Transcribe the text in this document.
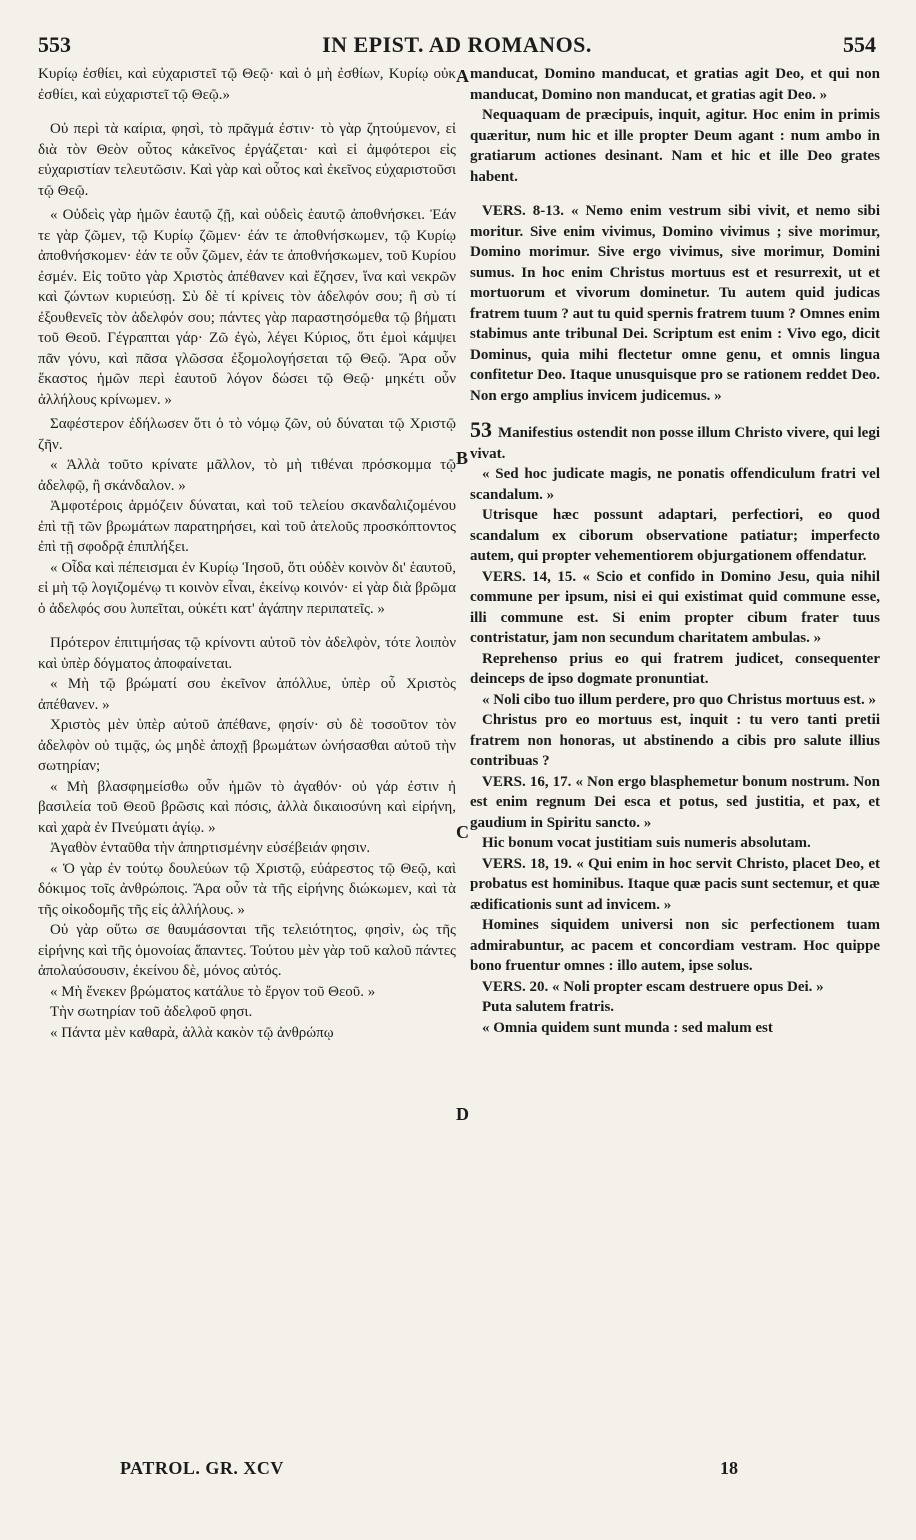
553	IN EPIST. AD ROMANOS.	554

Κυρίῳ ἐσθίει, καὶ εὐχαριστεῖ τῷ Θεῷ· καὶ ὁ μὴ ἐσθίων, Κυρίῳ οὐκ ἐσθίει, καὶ εὐχαριστεῖ τῷ Θεῷ.»

Οὐ περὶ τὰ καίρια, φησὶ, τὸ πρᾶγμά ἐστιν· τὸ γὰρ ζητούμενον, εἰ διὰ τὸν Θεὸν οὗτος κἀκεῖνος ἐργάζεται· καὶ εἰ ἀμφότεροι εἰς εὐχαριστίαν τελευτῶσιν. Καὶ γὰρ καὶ οὗτος καὶ ἐκεῖνος εὐχαριστοῦσι τῷ Θεῷ.

« Οὐδεὶς γὰρ ἡμῶν ἑαυτῷ ζῇ, καὶ οὐδεὶς ἑαυτῷ ἀποθνήσκει. Ἐάν τε γὰρ ζῶμεν, τῷ Κυρίῳ ζῶμεν· ἐάν τε ἀποθνήσκωμεν, τῷ Κυρίῳ ἀποθνήσκομεν· ἐάν τε οὖν ζῶμεν, ἐάν τε ἀποθνήσκωμεν, τοῦ Κυρίου ἐσμέν. Εἰς τοῦτο γὰρ Χριστὸς ἀπέθανεν καὶ ἔζησεν, ἵνα καὶ νεκρῶν καὶ ζώντων κυριεύσῃ. Σὺ δὲ τί κρίνεις τὸν ἀδελφόν σου; ἢ σὺ τί ἐξουθενεῖς τὸν ἀδελφόν σου; πάντες γὰρ παραστησόμεθα τῷ βήματι τοῦ Θεοῦ. Γέγραπται γάρ· Ζῶ ἐγὼ, λέγει Κύριος, ὅτι ἐμοὶ κάμψει πᾶν γόνυ, καὶ πᾶσα γλῶσσα ἐξομολογήσεται τῷ Θεῷ. Ἄρα οὖν ἕκαστος ἡμῶν περὶ ἑαυτοῦ λόγον δώσει τῷ Θεῷ· μηκέτι οὖν ἀλλήλους κρίνωμεν. »

Σαφέστερον ἐδήλωσεν ὅτι ὁ τὸ νόμῳ ζῶν, οὐ δύναται τῷ Χριστῷ ζῆν.

« Ἀλλὰ τοῦτο κρίνατε μᾶλλον, τὸ μὴ τιθέναι πρόσκομμα τῷ ἀδελφῷ, ἢ σκάνδαλον. »

Ἀμφοτέροις ἁρμόζειν δύναται, καὶ τοῦ τελείου σκανδαλιζομένου ἐπὶ τῇ τῶν βρωμάτων παρατηρήσει, καὶ τοῦ ἀτελοῦς προσκόπτοντος ἐπὶ τῇ σφοδρᾷ ἐπιπλήξει.

« Οἶδα καὶ πέπεισμαι ἐν Κυρίῳ Ἰησοῦ, ὅτι οὐδὲν κοινὸν δι' ἑαυτοῦ, εἰ μὴ τῷ λογιζομένῳ τι κοινὸν εἶναι, ἐκείνῳ κοινόν· εἰ γὰρ διὰ βρῶμα ὁ ἀδελφός σου λυπεῖται, οὐκέτι κατ' ἀγάπην περιπατεῖς. »

Πρότερον ἐπιτιμήσας τῷ κρίνοντι αὐτοῦ τὸν ἀδελφὸν, τότε λοιπὸν καὶ ὑπὲρ δόγματος ἀποφαίνεται.

« Μὴ τῷ βρώματί σου ἐκεῖνον ἀπόλλυε, ὑπὲρ οὗ Χριστὸς ἀπέθανεν. »

Χριστὸς μὲν ὑπὲρ αὐτοῦ ἀπέθανε, φησίν· σὺ δὲ τοσοῦτον τὸν ἀδελφὸν οὐ τιμᾷς, ὡς μηδὲ ἀποχῇ βρωμάτων ὠνήσασθαι αὐτοῦ τὴν σωτηρίαν;

« Μὴ βλασφημείσθω οὖν ἡμῶν τὸ ἀγαθόν· οὐ γάρ ἐστιν ἡ βασιλεία τοῦ Θεοῦ βρῶσις καὶ πόσις, ἀλλὰ δικαιοσύνη καὶ εἰρήνη, καὶ χαρὰ ἐν Πνεύματι ἁγίῳ. »

Ἀγαθὸν ἐνταῦθα τὴν ἀπηρτισμένην εὐσέβειάν φησιν.

« Ὁ γὰρ ἐν τούτῳ δουλεύων τῷ Χριστῷ, εὐάρεστος τῷ Θεῷ, καὶ δόκιμος τοῖς ἀνθρώποις. Ἄρα οὖν τὰ τῆς εἰρήνης διώκωμεν, καὶ τὰ τῆς οἰκοδομῆς τῆς εἰς ἀλλήλους. »

Οὐ γὰρ οὕτω σε θαυμάσονται τῆς τελειότητος, φησὶν, ὡς τῆς εἰρήνης καὶ τῆς ὁμονοίας ἅπαντες. Τούτου μὲν γὰρ τοῦ καλοῦ πάντες ἀπολαύσουσιν, ἐκείνου δὲ, μόνος αὐτός.

« Μὴ ἕνεκεν βρώματος κατάλυε τὸ ἔργον τοῦ Θεοῦ. »

Τὴν σωτηρίαν τοῦ ἀδελφοῦ φησι.

« Πάντα μὲν καθαρὰ, ἀλλὰ κακὸν τῷ ἀνθρώπῳ

manducat, Domino manducat, et gratias agit Deo, et qui non manducat, Domino non manducat, et gratias agit Deo. »

Nequaquam de præcipuis, inquit, agitur. Hoc enim in primis quæritur, num hic et ille propter Deum agant : num ambo in gratiarum actiones desinant. Nam et hic et ille Deo grates habent.

VERS. 8-13. « Nemo enim vestrum sibi vivit, et nemo sibi moritur. Sive enim vivimus, Domino vivimus ; sive morimur, Domino morimur. Sive ergo vivimus, sive morimur, Domini sumus. In hoc enim Christus mortuus est et resurrexit, ut et mortuorum et vivorum dominetur. Tu autem quid judicas fratrem tuum ? aut tu quid spernis fratrem tuum ? Omnes enim stabimus ante tribunal Dei. Scriptum est enim : Vivo ego, dicit Dominus, quia mihi flectetur omne genu, et omnis lingua confitetur Deo. Itaque unusquisque pro se rationem reddet Deo. Non ergo amplius invicem judicemus. »

53 Manifestius ostendit non posse illum Christo vivere, qui legi vivat.

« Sed hoc judicate magis, ne ponatis offendiculum fratri vel scandalum. »

Utrisque hæc possunt adaptari, perfectiori, eo quod scandalum ex ciborum observatione patiatur; imperfecto autem, qui propter vehementiorem objurgationem offendatur.

VERS. 14, 15. « Scio et confido in Domino Jesu, quia nihil commune per ipsum, nisi ei qui existimat quid commune esse, illi commune est. Si enim propter cibum frater tuus contristatur, jam non secundum charitatem ambulas. »

Reprehenso prius eo qui fratrem judicet, consequenter deinceps de ipso dogmate pronuntiat.

« Noli cibo tuo illum perdere, pro quo Christus mortuus est. »

Christus pro eo mortuus est, inquit : tu vero tanti pretii fratrem non honoras, ut abstinendo a cibis pro salute illius contribuas ?

VERS. 16, 17. « Non ergo blasphemetur bonum nostrum. Non est enim regnum Dei esca et potus, sed justitia, et pax, et gaudium in Spiritu sancto. »

Hic bonum vocat justitiam suis numeris absolutam.

VERS. 18, 19. « Qui enim in hoc servit Christo, placet Deo, et probatus est hominibus. Itaque quæ pacis sunt sectemur, et quæ ædificationis sunt ad invicem. »

Homines siquidem universi non sic perfectionem tuam admirabuntur, ac pacem et concordiam vestram. Hoc quippe bono fruentur omnes : illo autem, ipse solus.

VERS. 20. « Noli propter escam destruere opus Dei. »

Puta salutem fratris.

« Omnia quidem sunt munda : sed malum est

A
B
C
D
PATROL. GR. XCV	18
